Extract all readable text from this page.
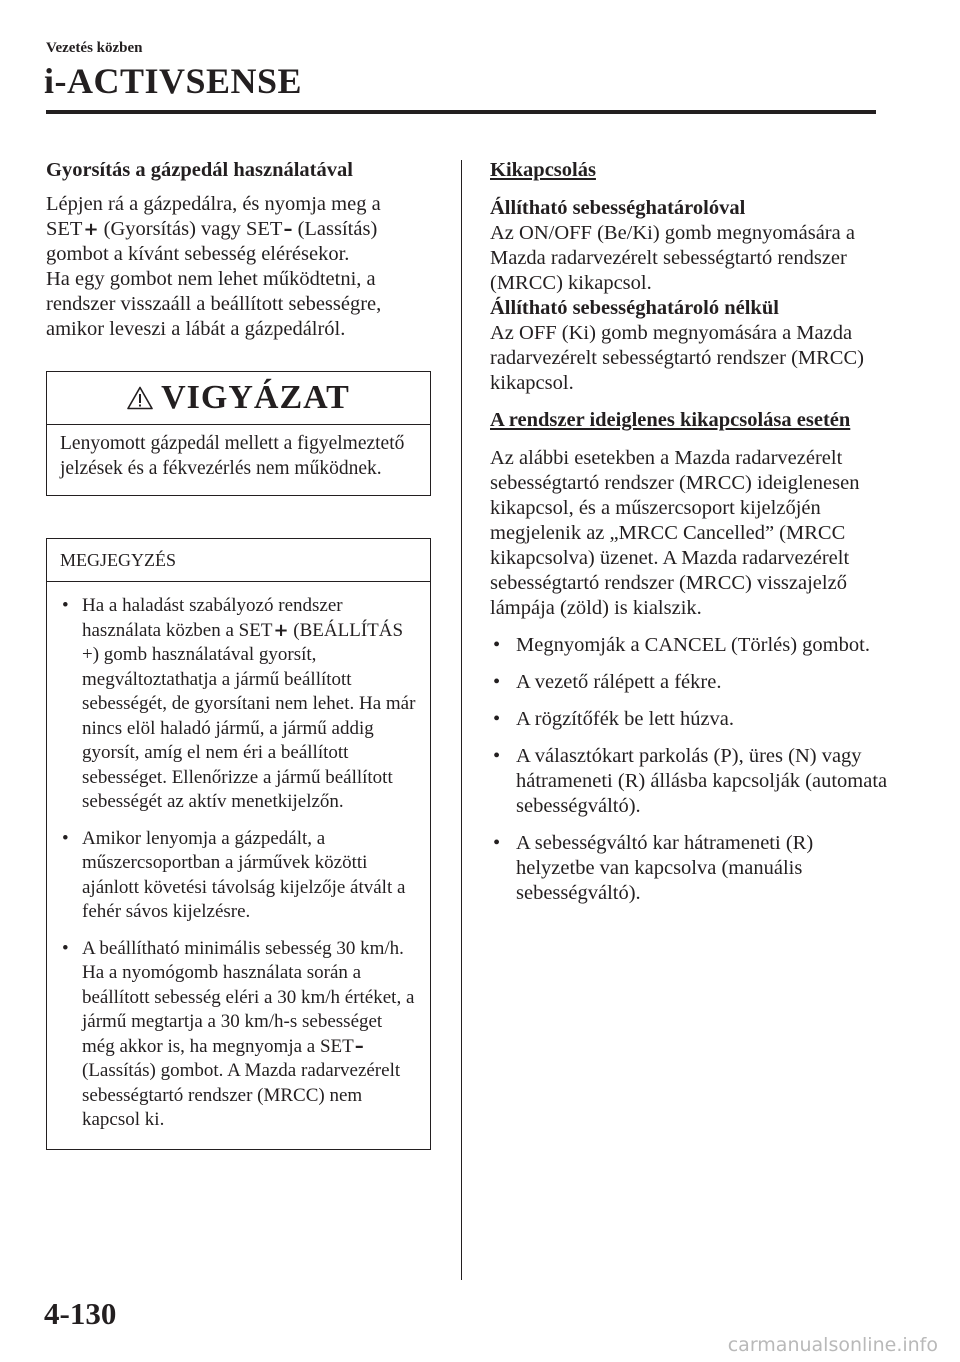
Vezetés közben
i-ACTIVSENSE
Gyorsítás a gázpedál használatával

Lépjen rá a gázpedálra, és nyomja meg a
SET+ (Gyorsítás) vagy SET– (Lassítás)
gombot a kívánt sebesség elérésekor.

Ha egy gombot nem lehet működtetni, a rendszer visszaáll a beállított sebességre, amikor leveszi a lábát a gázpedálról.

VIGYÁZAT
Lenyomott gázpedál mellett a figyelmeztető jelzések és a fékvezérlés nem működnek.
MEGJEGYZÉS
• Ha a haladást szabályozó rendszer használata közben a SET+ (BEÁLLÍTÁS +) gomb használatával gyorsít, megváltoztathatja a jármű beállított sebességét, de gyorsítani nem lehet. Ha már nincs elöl haladó jármű, a jármű addig gyorsít, amíg el nem éri a beállított sebességet. Ellenőrizze a jármű beállított sebességét az aktív menetkijelzőn.
• Amikor lenyomja a gázpedált, a műszercsoportban a járművek közötti ajánlott követési távolság kijelzője átvált a fehér sávos kijelzésre.
• A beállítható minimális sebesség 30 km/h. Ha a nyomógomb használata során a beállított sebesség eléri a 30 km/h értéket, a jármű megtartja a 30 km/h-s sebességet még akkor is, ha megnyomja a SET– (Lassítás) gombot. A Mazda radarvezérelt sebességtartó rendszer (MRCC) nem kapcsol ki.
Kikapcsolás
Állítható sebességhatárolóval

Az ON/OFF (Be/Ki) gomb megnyomására a Mazda radarvezérelt sebességtartó rendszer (MRCC) kikapcsol.

Állítható sebességhatároló nélkül

Az OFF (Ki) gomb megnyomására a Mazda radarvezérelt sebességtartó rendszer (MRCC) kikapcsol.

A rendszer ideiglenes kikapcsolása esetén

Az alábbi esetekben a Mazda radarvezérelt sebességtartó rendszer (MRCC) ideiglenesen kikapcsol, és a műszercsoport kijelzőjén megjelenik az „MRCC Cancelled” (MRCC kikapcsolva) üzenet. A Mazda radarvezérelt sebességtartó rendszer (MRCC) visszajelző lámpája (zöld) is kialszik.

• Megnyomják a CANCEL (Törlés) gombot.
• A vezető rálépett a fékre.
• A rögzítőfék be lett húzva.
• A választókart parkolás (P), üres (N) vagy hátrameneti (R) állásba kapcsolják (automata sebességváltó).
• A sebességváltó kar hátrameneti (R) helyzetbe van kapcsolva (manuális sebességváltó).
4-130
carmanualsonline.info
